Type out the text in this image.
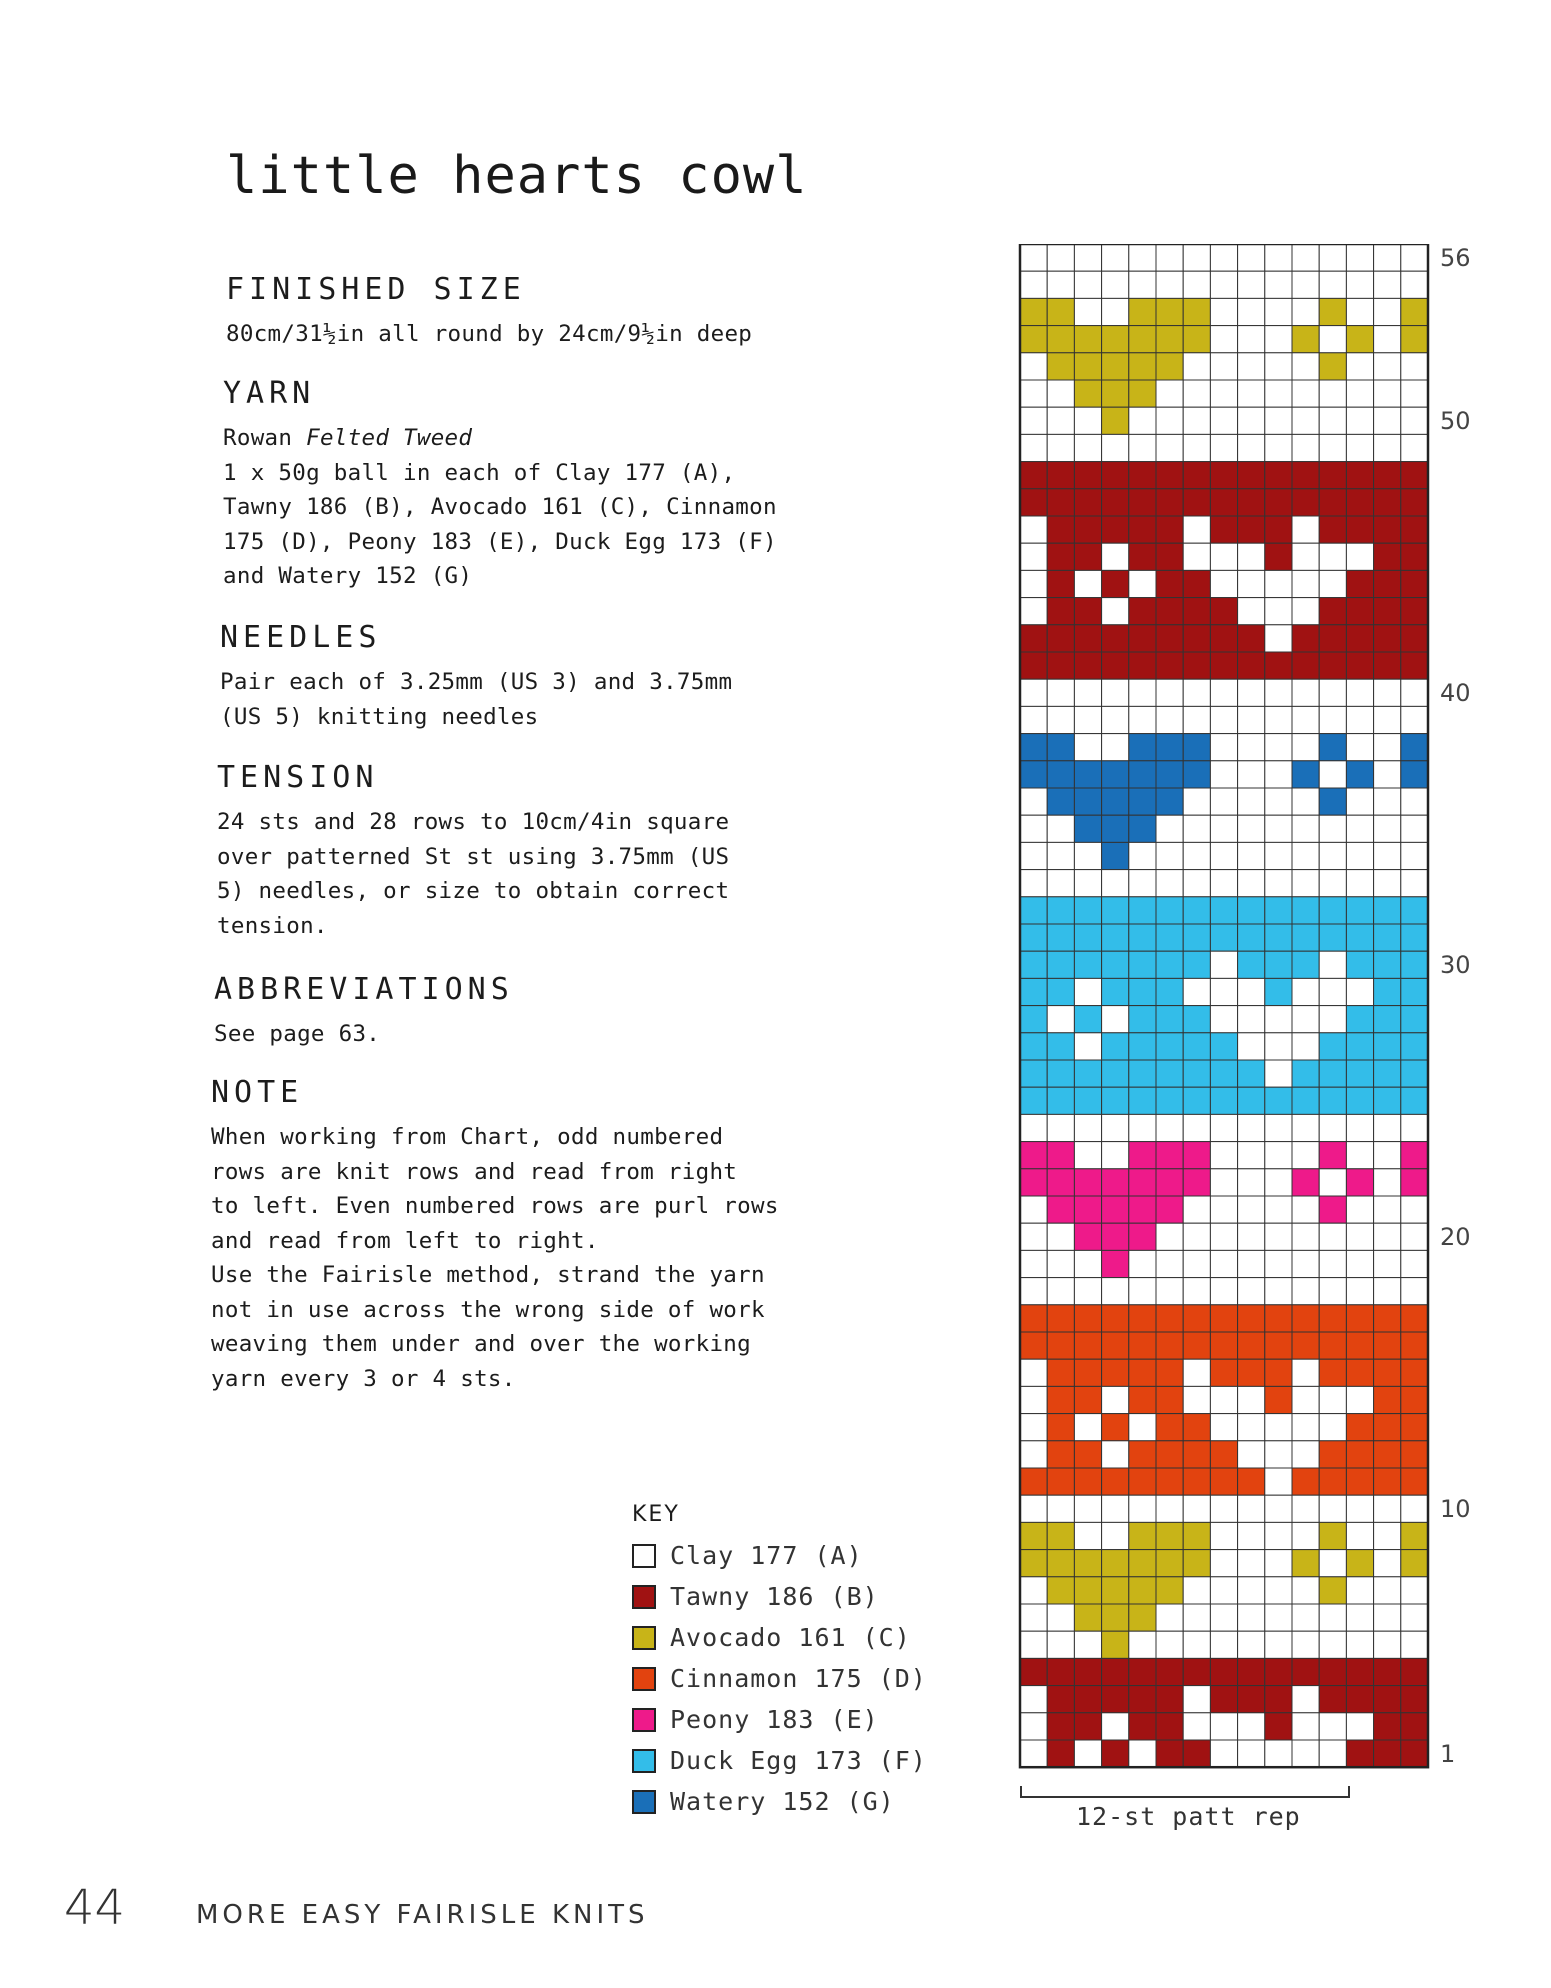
little hearts cowl
FINISHED SIZE

80cm/31½in all round by 24cm/9½in deep

YARN

Rowan Felted Tweed
1 x 50g ball in each of Clay 177 (A),
Tawny 186 (B), Avocado 161 (C), Cinnamon
175 (D), Peony 183 (E), Duck Egg 173 (F)
and Watery 152 (G)

NEEDLES

Pair each of 3.25mm (US 3) and 3.75mm
(US 5) knitting needles

TENSION

24 sts and 28 rows to 10cm/4in square
over patterned St st using 3.75mm (US
5) needles, or size to obtain correct
tension.

ABBREVIATIONS

See page 63.

NOTE

When working from Chart, odd numbered
rows are knit rows and read from right
to left. Even numbered rows are purl rows
and read from left to right.
Use the Fairisle method, strand the yarn
not in use across the wrong side of work
weaving them under and over the working
yarn every 3 or 4 sts.

KEY
Clay 177 (A)
Tawny 186 (B)
Avocado 161 (C)
Cinnamon 175 (D)
Peony 183 (E)
Duck Egg 173 (F)
Watery 152 (G)
1
10
20
30
40
50
56
12-st patt rep
44	MORE EASY FAIRISLE KNITS
